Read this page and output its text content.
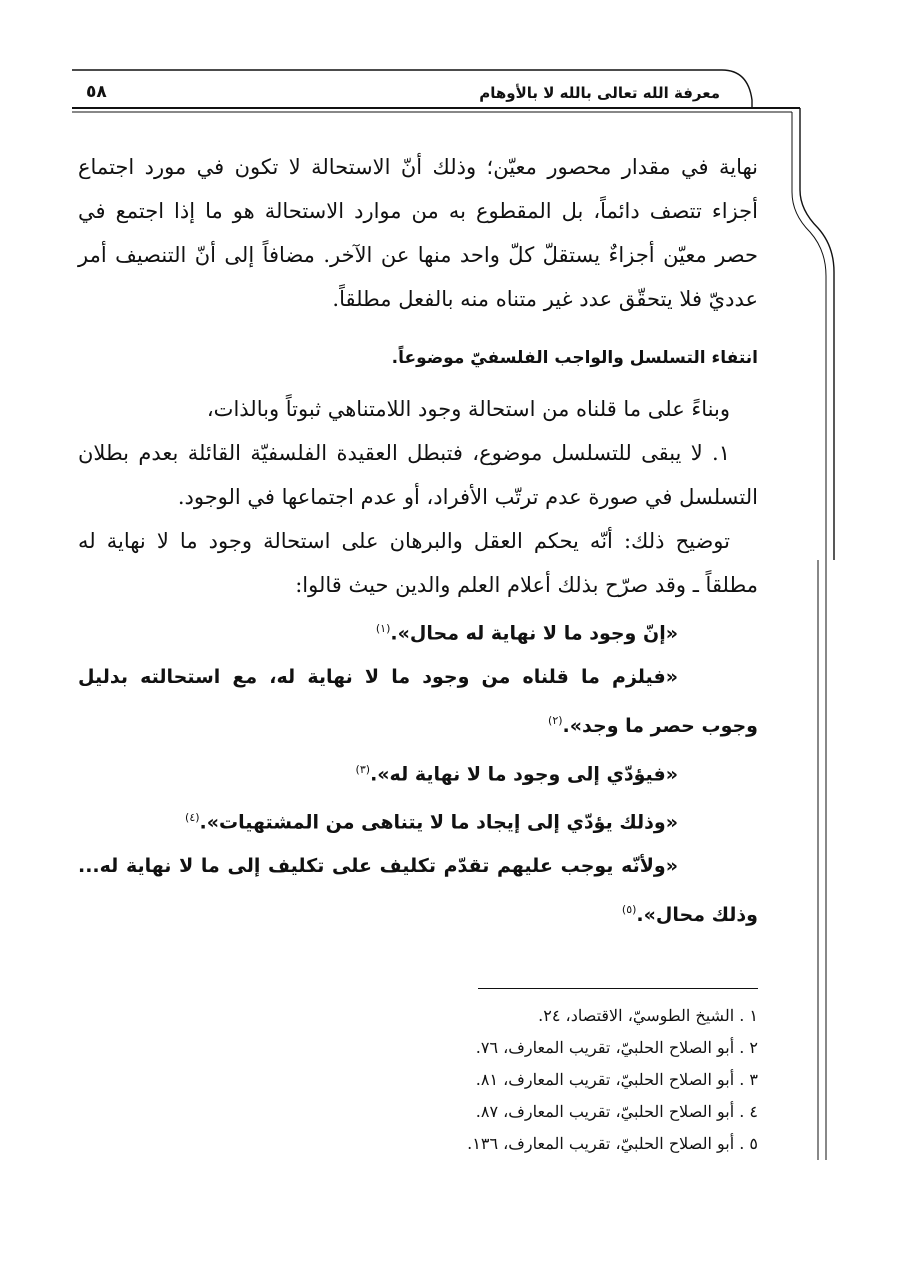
معرفة الله تعالى بالله لا بالأوهام
٥٨

نهاية في مقدار محصور معيّن؛ وذلك أنّ الاستحالة لا تكون في مورد اجتماع أجزاء تتصف دائماً، بل المقطوع به من موارد الاستحالة هو ما إذا اجتمع في حصر معيّن أجزاءٌ يستقلّ كلّ واحد منها عن الآخر. مضافاً إلى أنّ التنصيف أمر عدديّ فلا يتحقّق عدد غير متناه منه بالفعل مطلقاً.

انتفاء التسلسل والواجب الفلسفيّ موضوعاً.

وبناءً على ما قلناه من استحالة وجود اللامتناهي ثبوتاً وبالذات،

١. لا يبقى للتسلسل موضوع، فتبطل العقيدة الفلسفيّة القائلة بعدم بطلان التسلسل في صورة عدم ترتّب الأفراد، أو عدم اجتماعها في الوجود.

توضيح ذلك: أنّه يحكم العقل والبرهان على استحالة وجود ما لا نهاية له مطلقاً ـ وقد صرّح بذلك أعلام العلم والدين حيث قالوا:

«إنّ وجود ما لا نهاية له محال».$^{(١)}$

«فيلزم ما قلناه من وجود ما لا نهاية له، مع استحالته بدليل وجوب حصر ما وجد».$^{(٢)}$

«فيؤدّي إلى وجود ما لا نهاية له».$^{(٣)}$

«وذلك يؤدّي إلى إيجاد ما لا يتناهى من المشتهيات».$^{(٤)}$

«ولأنّه يوجب عليهم تقدّم تكليف على تكليف إلى ما لا نهاية له... وذلك محال».$^{(٥)}$

١ . الشيخ الطوسيّ، الاقتصاد، ٢٤.

٢ . أبو الصلاح الحلبيّ، تقريب المعارف، ٧٦.

٣ . أبو الصلاح الحلبيّ، تقريب المعارف، ٨١.

٤ . أبو الصلاح الحلبيّ، تقريب المعارف، ٨٧.

٥ . أبو الصلاح الحلبيّ، تقريب المعارف، ١٣٦.
